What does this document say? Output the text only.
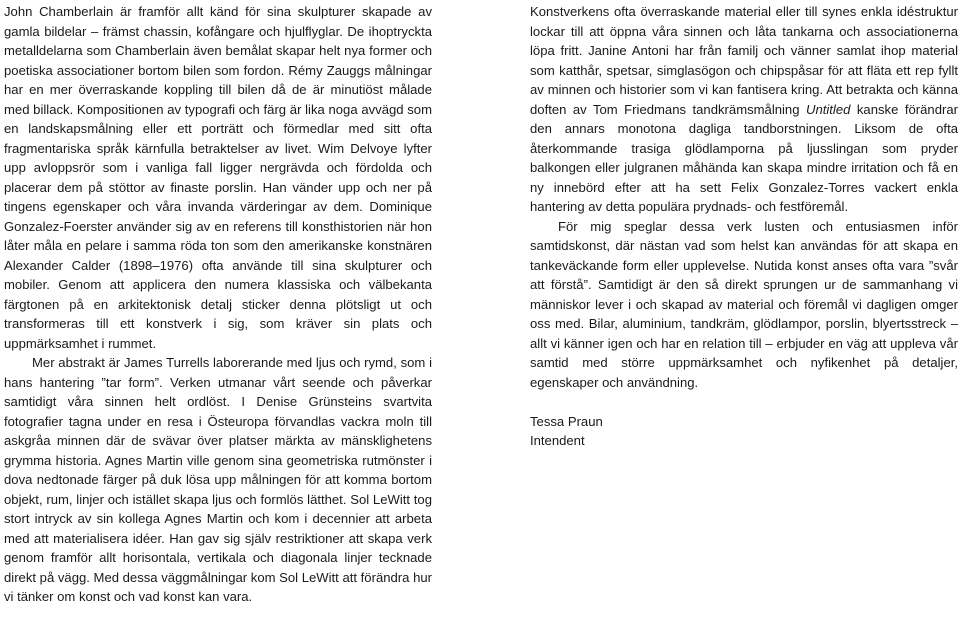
John Chamberlain är framför allt känd för sina skulpturer skapade av gamla bildelar – främst chassin, kofångare och hjulflyglar. De ihoptryckta metalldelarna som Chamberlain även bemålat skapar helt nya former och poetiska associationer bortom bilen som fordon. Rémy Zauggs målningar har en mer överraskande koppling till bilen då de är minutiöst målade med billack. Kompositionen av typografi och färg är lika noga avvägd som en landskapsmålning eller ett porträtt och förmedlar med sitt ofta fragmentariska språk kärnfulla betraktelser av livet. Wim Delvoye lyfter upp avloppsrör som i vanliga fall ligger nergrävda och fördolda och placerar dem på stöttor av finaste porslin. Han vänder upp och ner på tingens egenskaper och våra invanda värderingar av dem. Dominique Gonzalez-Foerster använder sig av en referens till konsthistorien när hon låter måla en pelare i samma röda ton som den amerikanske konstnären Alexander Calder (1898–1976) ofta använde till sina skulpturer och mobiler. Genom att applicera den numera klassiska och välbekanta färgtonen på en arkitektonisk detalj sticker denna plötsligt ut och transformeras till ett konstverk i sig, som kräver sin plats och uppmärksamhet i rummet.

Mer abstrakt är James Turrells laborerande med ljus och rymd, som i hans hantering ”tar form”. Verken utmanar vårt seende och påverkar samtidigt våra sinnen helt ordlöst. I Denise Grünsteins svartvita fotografier tagna under en resa i Östeuropa förvandlas vackra moln till askgråa minnen där de svävar över platser märkta av mänsklighetens grymma historia. Agnes Martin ville genom sina geometriska rutmönster i dova nedtonade färger på duk lösa upp målningen för att komma bortom objekt, rum, linjer och istället skapa ljus och formlös lätthet. Sol LeWitt tog stort intryck av sin kollega Agnes Martin och kom i decennier att arbeta med att materialisera idéer. Han gav sig själv restriktioner att skapa verk genom framför allt horisontala, vertikala och diagonala linjer tecknade direkt på vägg. Med dessa väggmålningar kom Sol LeWitt att förändra hur vi tänker om konst och vad konst kan vara.

Konstverkens ofta överraskande material eller till synes enkla idéstruktur lockar till att öppna våra sinnen och låta tankarna och associationerna löpa fritt. Janine Antoni har från familj och vänner samlat ihop material som katthår, spetsar, simglasögon och chipspåsar för att fläta ett rep fyllt av minnen och historier som vi kan fantisera kring. Att betrakta och känna doften av Tom Friedmans tandkrämsmålning Untitled kanske förändrar den annars monotona dagliga tandborstningen. Liksom de ofta återkommande trasiga glödlamporna på ljusslingan som pryder balkongen eller julgranen måhända kan skapa mindre irritation och få en ny innebörd efter att ha sett Felix Gonzalez-Torres vackert enkla hantering av detta populära prydnads- och festföremål.

För mig speglar dessa verk lusten och entusiasmen inför samtidskonst, där nästan vad som helst kan användas för att skapa en tankeväckande form eller upplevelse. Nutida konst anses ofta vara ”svår att förstå”. Samtidigt är den så direkt sprungen ur de sammanhang vi människor lever i och skapad av material och föremål vi dagligen omger oss med. Bilar, aluminium, tandkräm, glödlampor, porslin, blyertsstreck – allt vi känner igen och har en relation till – erbjuder en väg att uppleva vår samtid med större uppmärksamhet och nyfikenhet på detaljer, egenskaper och användning.

Tessa Praun
Intendent
